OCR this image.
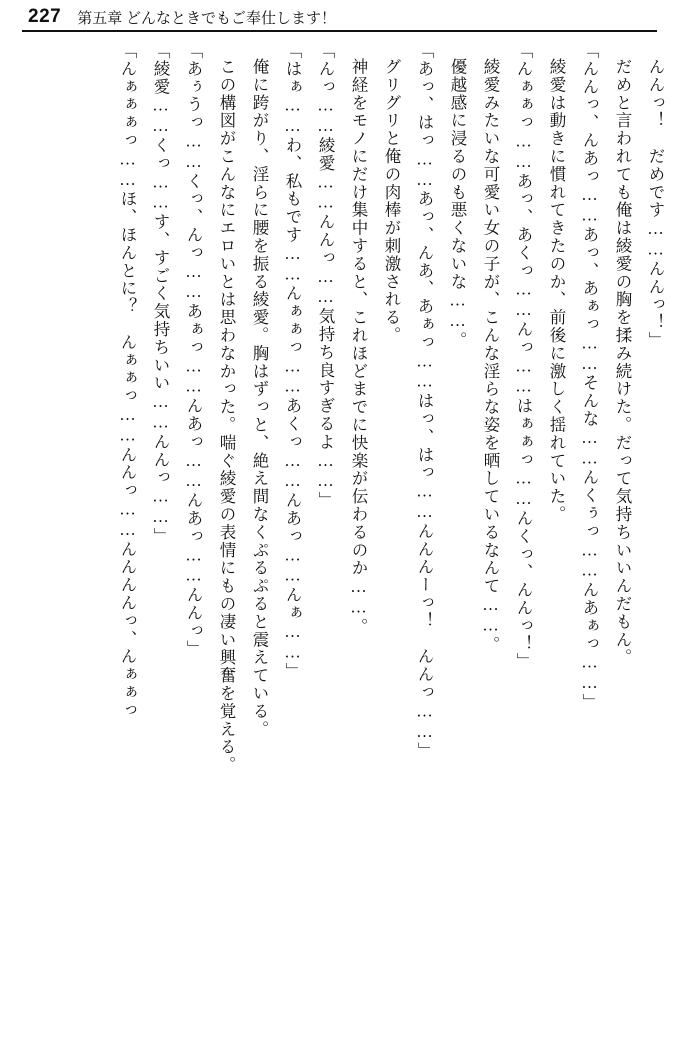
227 第五章 どんなときでもご奉仕します！
んんっ！　だめです……んんっ！」
だめと言われても俺は綾愛の胸を揉み続けた。だって気持ちいいんだもん。
「んんっ、んあっ……あっ、あぁっ……そんな……んくぅっ……んあぁっ……」
綾愛は動きに慣れてきたのか、前後に激しく揺れていた。
「んぁぁっ……あっ、あくっ……んっ……はぁぁっ……んくっ、んんっ！」
綾愛みたいな可愛い女の子が、こんな淫らな姿を晒しているなんて……。
優越感に浸るのも悪くないな……。
「あっ、はっ……あっ、んあ、あぁっ……はっ、はっ……んんんーっ！　んんっ……」
グリグリと俺の肉棒が刺激される。
神経をモノにだけ集中すると、これほどまでに快楽が伝わるのか……。
「んっ……綾愛……んんっ……気持ち良すぎるよ……」
「はぁ……わ、私もです……んぁぁっ……あくっ……んあっ……んぁ……」
俺に跨がり、淫らに腰を振る綾愛。胸はずっと、絶え間なくぷるぷると震えている。
この構図がこんなにエロいとは思わなかった。喘ぐ綾愛の表情にもの凄い興奮を覚える。
「あぅうっ……くっ、んっ……あぁっ……んあっ……んあっ……んんっ」
「綾愛……くっ……す、すごく気持ちいい……んんっ……」
「んぁぁぁっ……ほ、ほんとに？　んぁぁっ……んんっ……んんんんっ、んぁぁっ
